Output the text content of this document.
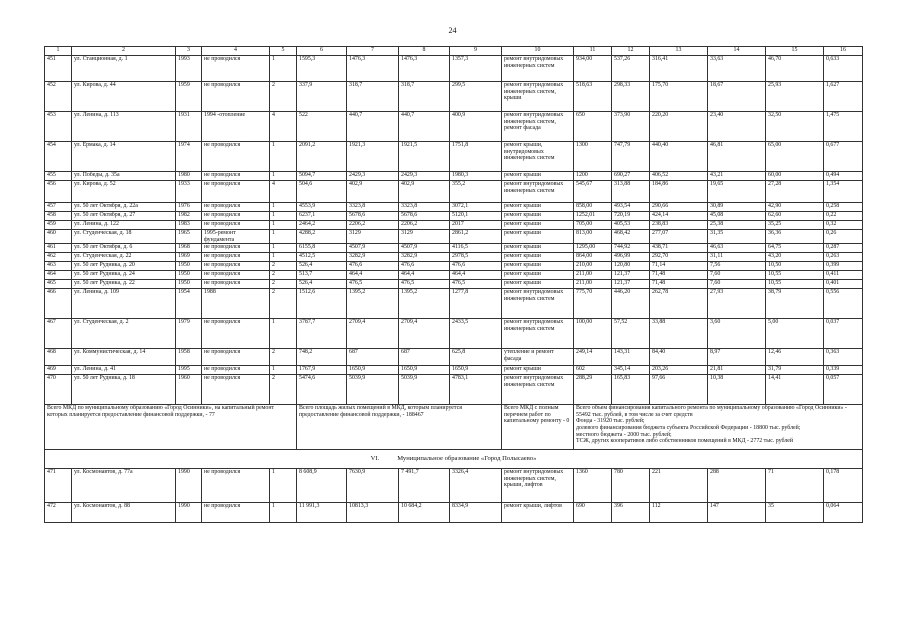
24
1	2	3	4	5	6	7	8	9	10	11	12	13	14	15	16
451	ул. Станционная, д. 1	1993	не проводился	1	1595,3	1476,3	1476,3	1357,3	ремонт внутридомовых инженерных систем	934,00	537,26	316,41	33,63	46,70	0,633
452	ул. Кирова, д. 44	1959	не проводился	2	337,9	318,7	318,7	299,5	ремонт внутридомовых инженерных систем, крыши	518,63	298,33	175,70	18,67	25,93	1,627
453	ул. Ленина, д. 113	1931	1994 -отопление	4	522	440,7	440,7	400,9	ремонт внутридомовых инженерных систем, ремонт фасада	650	373,90	220,20	23,40	32,50	1,475
454	ул. Ермака, д. 14	1974	не проводился	1	2091,2	1921,3	1921,5	1751,8	ремонт крыши, внутридомовых инженерных систем	1300	747,79	440,40	46,81	65,00	0,677
455	ул. Победы, д. 35а	1980	не проводился	1	5094,7	2429,3	2429,3	1980,3	ремонт крыши	1200	690,27	406,52	43,21	60,00	0,494
456	ул. Кирова, д. 52	1933	не проводился	4	504,6	402,9	402,9	355,2	ремонт внутридомовых инженерных систем	545,67	313,88	184,86	19,65	27,28	1,354
457	ул. 50 лет Октября, д. 22а	1976	не проводился	1	4553,9	3323,8	3323,8	3072,1	ремонт крыши	858,00	493,54	290,66	30,89	42,90	0,258
458	ул. 50 лет Октября, д. 27	1982	не проводился	1	6237,1	5678,6	5678,6	5120,1	ремонт крыши	1252,01	720,19	424,14	45,08	62,60	0,22
459	ул. Ленина, д. 122	1983	не проводился	1	2464,2	2206,2	2206,2	2017	ремонт крыши	705,00	405,53	238,83	25,38	35,25	0,32
460	ул. Студенческая, д. 18	1965	1995-ремонт фундамента	1	4288,2	3129	3129	2861,2	ремонт крыши	813,00	468,42	277,07	31,35	36,36	0,26
461	ул. 50 лет Октября, д. 6	1968	не проводился	1	6155,8	4507,9	4507,9	4116,5	ремонт крыши	1295,00	744,92	438,71	46,63	64,75	0,287
462	ул. Студенческая, д. 22	1969	не проводился	1	4512,5	3282,9	3282,9	2978,5	ремонт крыши	864,00	496,99	292,70	31,11	43,20	0,263
463	ул. 50 лет Рудника, д. 20	1950	не проводился	2	526,4	476,6	476,6	476,6	ремонт крыши	210,00	120,80	71,14	7,56	10,50	0,399
464	ул. 50 лет Рудника, д. 24	1950	не проводился	2	513,7	464,4	464,4	464,4	ремонт крыши	211,00	121,37	71,48	7,60	10,55	0,411
465	ул. 50 лет Рудника, д. 22	1950	не проводился	2	526,4	476,5	476,5	476,5	ремонт крыши	211,00	121,37	71,48	7,60	10,55	0,401
466	ул. Ленина, д. 109	1954	1988	2	1512,6	1395,2	1395,2	1277,8	ремонт внутридомовых инженерных систем	775,70	446,20	262,78	27,93	38,79	0,556
467	ул. Студенческая, д. 2	1979	не проводился	1	3787,7	2709,4	2709,4	2433,5	ремонт внутридомовых инженерных систем	100,00	57,52	33,88	3,60	5,00	0,037
468	ул. Коммунистическая, д. 14	1958	не проводился	2	748,2	687	687	625,8	утепление и ремонт фасада	249,14	143,31	84,40	8,97	12,46	0,363
469	ул. Ленина, д. 41	1995	не проводился	1	1767,9	1650,9	1650,9	1650,9	ремонт крыши	602	345,14	203,26	21,81	31,79	0,339
470	ул. 50 лет Рудника, д. 18	1960	не проводился	2	5474,6	5039,9	5039,9	4783,1	ремонт внутридомовых инженерных систем	288,29	165,83	97,66	10,38	14,41	0,057
Всего МКД по муниципальному образованию «Город Осинники», на капитальный ремонт которых планируется предоставление финансовой поддержки, - 77					Всего площадь жилых помещений в МКД, которым планируется предоставление финансовой поддержки, - 188467				Всего МКД с полным перечнем работ по капитальному ремонту - 0	Всего объем финансирования капитального ремонта по муниципальному образованию «Город Осинники» - 55492 тыс. рублей, в том числе за счет средств
Фонда - 31920 тыс. рублей;
долевого финансирования бюджета субъекта Российской Федерации - 18800 тыс. рублей;
местного бюджета - 2000 тыс. рублей;
ТСЖ, других кооперативов либо собственников помещений в МКД - 2772 тыс. рублей					

VI. Муниципальное образование «Город Полысаево»															
471	ул. Космонавтов, д. 77а	1990	не проводился	1	8 608,9	7630,9	7 491,7	3326,4	ремонт внутридомовых инженерных систем, крыши, лифтов	1360	780	221	288	71	0,178
472	ул. Космонавтов, д. 88	1990	не проводился	1	11 991,3	10813,3	10 684,2	8334,9	ремонт крыши, лифтов	690	396	112	147	35	0,064
